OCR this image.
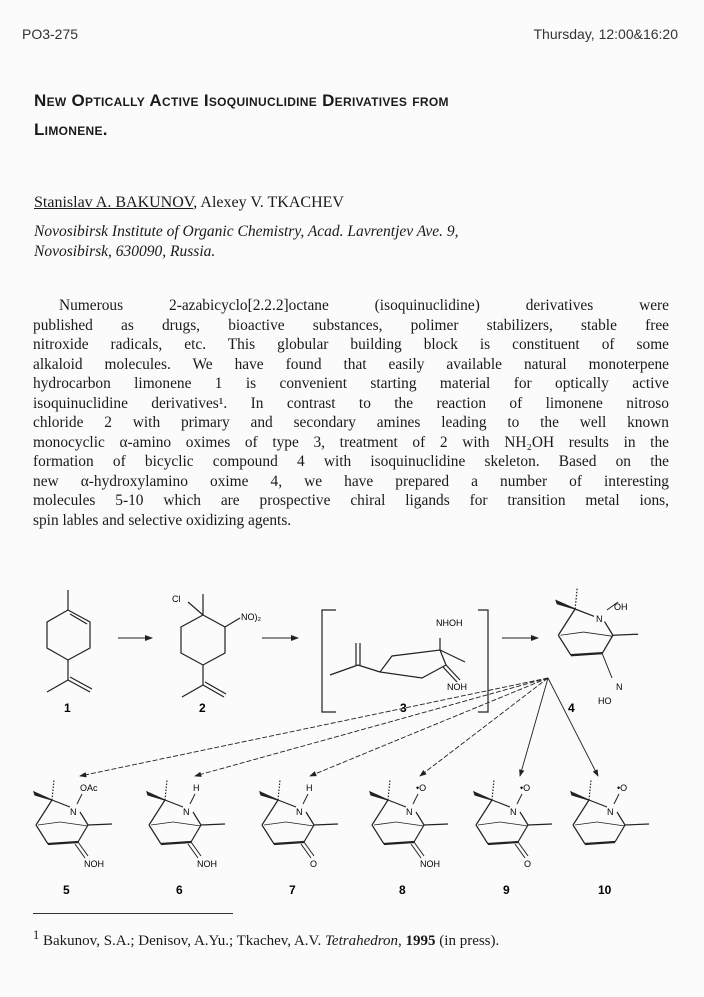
PO3-275	Thursday, 12:00&16:20
New Optically Active Isoquinuclidine Derivatives from
Limonene.
Stanislav A. BAKUNOV, Alexey V. TKACHEV
Novosibirsk Institute of Organic Chemistry, Acad. Lavrentjev Ave. 9,
Novosibirsk, 630090, Russia.
Numerous 2-azabicyclo[2.2.2]octane (isoquinuclidine) derivatives were
published as drugs, bioactive substances, polimer stabilizers, stable free
nitroxide radicals, etc. This globular building block is constituent of some
alkaloid molecules. We have found that easily available natural monoterpene
hydrocarbon limonene 1 is convenient starting material for optically active
isoquinuclidine derivatives¹. In contrast to the reaction of limonene nitroso
chloride 2 with primary and secondary amines leading to the well known
monocyclic α-amino oximes of type 3, treatment of 2 with NH₂OH results in the
formation of bicyclic compound 4 with isoquinuclidine skeleton. Based on the
new α-hydroxylamino oxime 4, we have prepared a number of interesting
molecules 5-10 which are prospective chiral ligands for transition metal ions,
spin lables and selective oxidizing agents.
1
Cl
NO)₂
2
NHOH
NOH
3
OH
N
N
HO
4
N
OAc
NOH
5
N
H
NOH
6
N
H
O
7
N
•O
NOH
8
N
•O
O
9
N
•O
10
$^1$ Bakunov, S.A.; Denisov, A.Yu.; Tkachev, A.V. Tetrahedron, 1995 (in press).
